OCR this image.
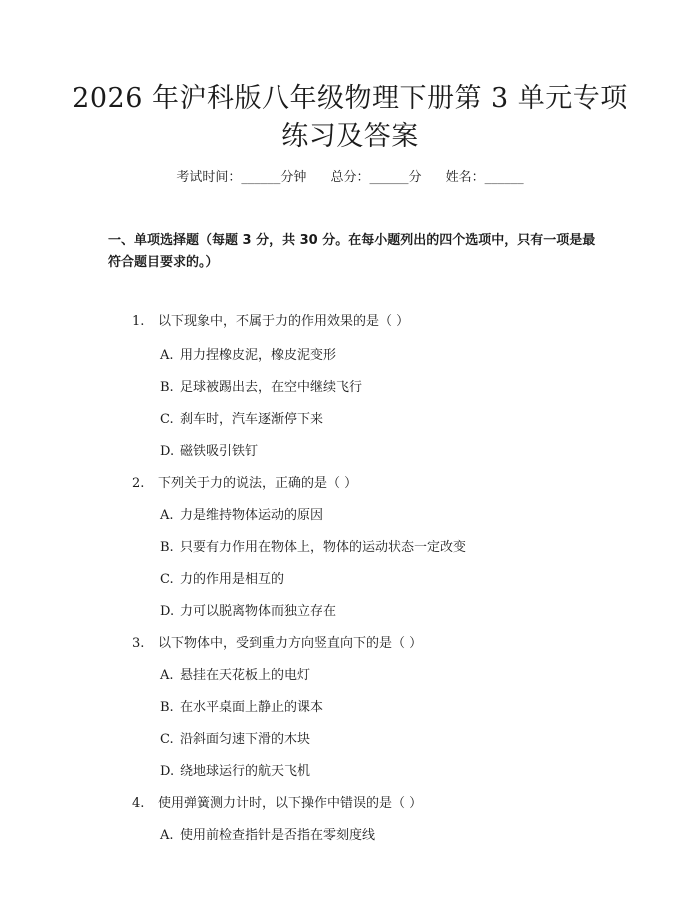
2026 年沪科版八年级物理下册第 3 单元专项
练习及答案
考试时间：______分钟 总分：______分 姓名：______
一、单项选择题（每题 3 分，共 30 分。在每小题列出的四个选项中，只有一项是最符合题目要求的。）
1. 以下现象中，不属于力的作用效果的是（ ）
A. 用力捏橡皮泥，橡皮泥变形
B. 足球被踢出去，在空中继续飞行
C. 刹车时，汽车逐渐停下来
D. 磁铁吸引铁钉
2. 下列关于力的说法，正确的是（ ）
A. 力是维持物体运动的原因
B. 只要有力作用在物体上，物体的运动状态一定改变
C. 力的作用是相互的
D. 力可以脱离物体而独立存在
3. 以下物体中，受到重力方向竖直向下的是（ ）
A. 悬挂在天花板上的电灯
B. 在水平桌面上静止的课本
C. 沿斜面匀速下滑的木块
D. 绕地球运行的航天飞机
4. 使用弹簧测力计时，以下操作中错误的是（ ）
A. 使用前检查指针是否指在零刻度线
